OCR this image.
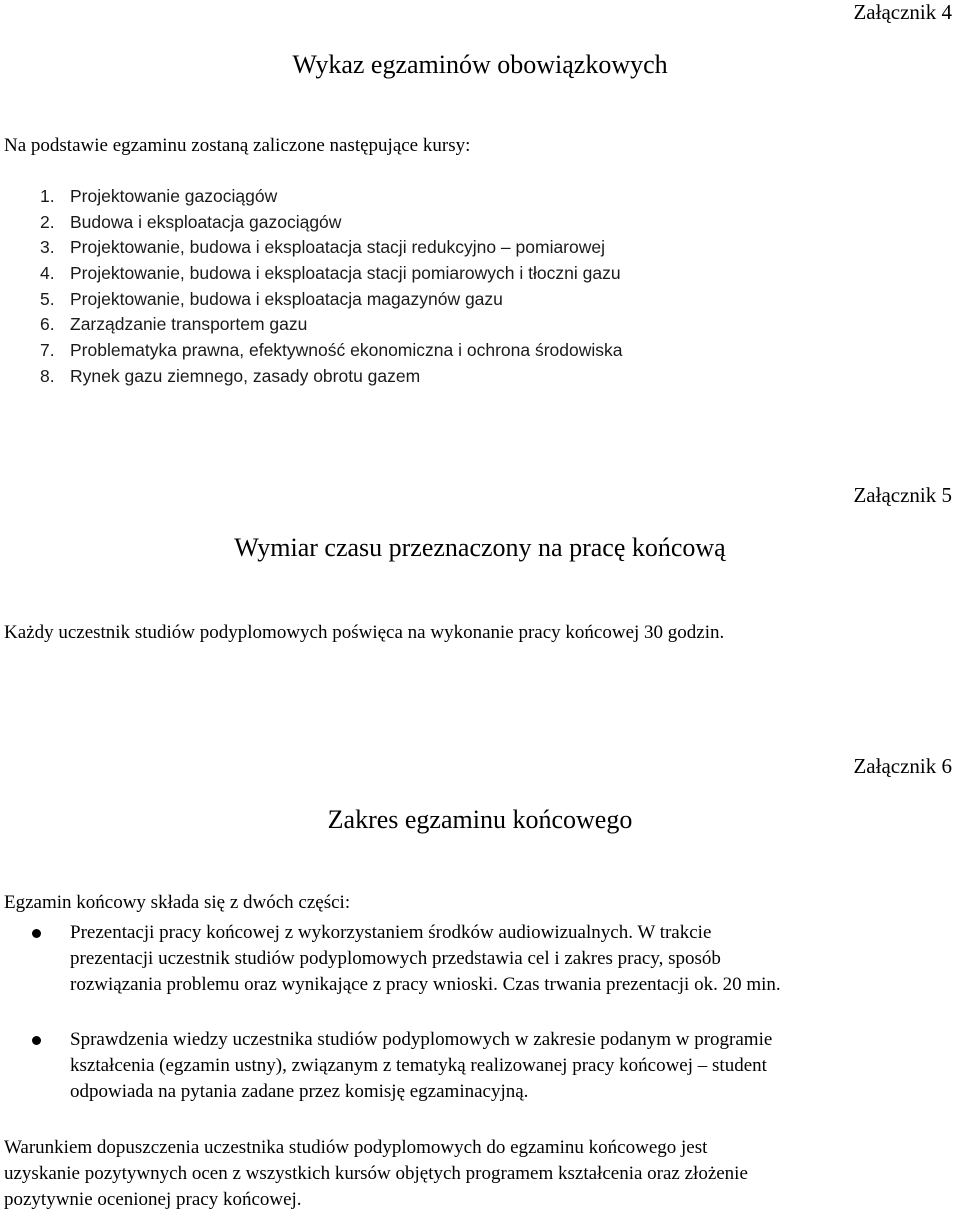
Załącznik 4
Wykaz egzaminów obowiązkowych
Na podstawie egzaminu zostaną zaliczone następujące kursy:
1. Projektowanie gazociągów
2. Budowa i eksploatacja gazociągów
3. Projektowanie, budowa i eksploatacja stacji redukcyjno – pomiarowej
4. Projektowanie, budowa i eksploatacja stacji pomiarowych i tłoczni gazu
5. Projektowanie, budowa i eksploatacja magazynów gazu
6. Zarządzanie transportem gazu
7. Problematyka prawna, efektywność ekonomiczna i ochrona środowiska
8. Rynek gazu ziemnego, zasady obrotu gazem
Załącznik 5
Wymiar czasu przeznaczony na pracę końcową
Każdy uczestnik studiów podyplomowych poświęca na wykonanie pracy końcowej 30 godzin.
Załącznik 6
Zakres egzaminu końcowego
Egzamin końcowy składa się z dwóch części:
Prezentacji pracy końcowej z wykorzystaniem środków audiowizualnych. W trakcie
prezentacji uczestnik studiów podyplomowych przedstawia cel i zakres pracy, sposób
rozwiązania problemu oraz wynikające z pracy wnioski. Czas trwania prezentacji ok. 20 min.
Sprawdzenia wiedzy uczestnika studiów podyplomowych w zakresie podanym w programie
kształcenia (egzamin ustny), związanym z tematyką realizowanej pracy końcowej – student
odpowiada na pytania zadane przez komisję egzaminacyjną.
Warunkiem dopuszczenia uczestnika studiów podyplomowych do egzaminu końcowego jest
uzyskanie pozytywnych ocen z wszystkich kursów objętych programem kształcenia oraz złożenie
pozytywnie ocenionej pracy końcowej.
